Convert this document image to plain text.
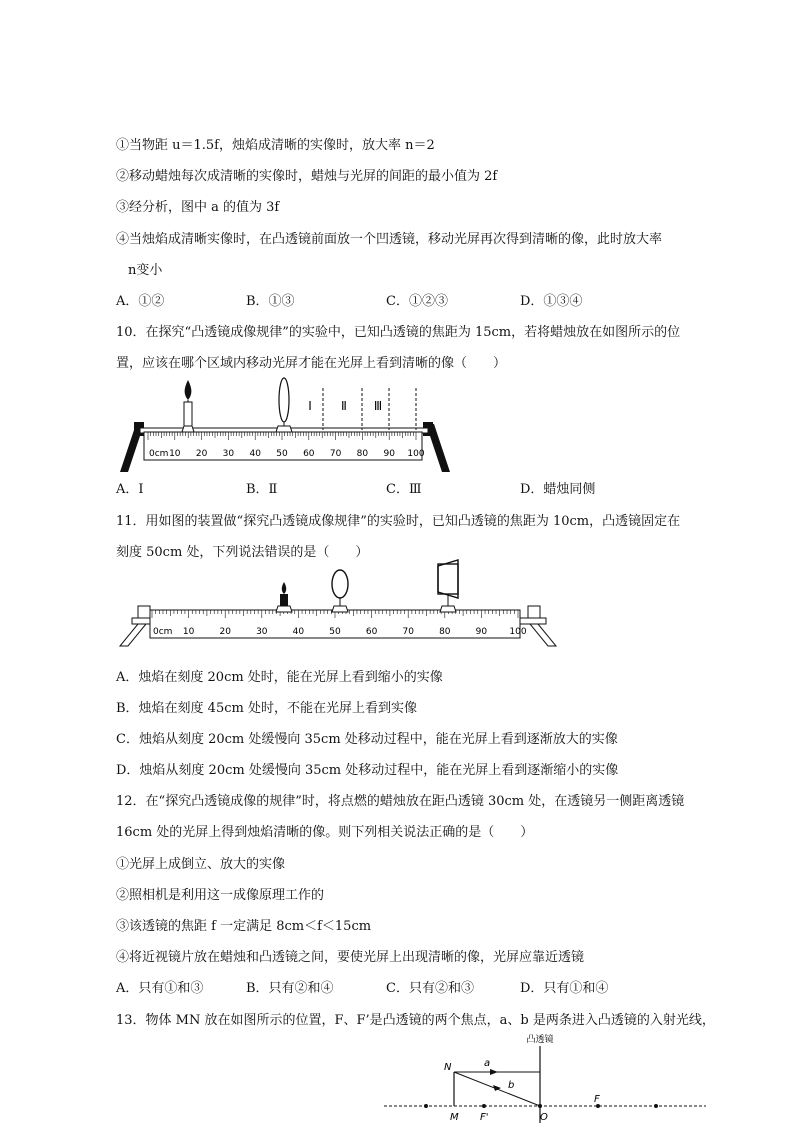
①当物距 u＝1.5f，烛焰成清晰的实像时，放大率 n＝2
②移动蜡烛每次成清晰的实像时，蜡烛与光屏的间距的最小值为 2f
③经分析，图中 a 的值为 3f
④当烛焰成清晰实像时，在凸透镜前面放一个凹透镜，移动光屏再次得到清晰的像，此时放大率
n变小
A．①②	B．①③	C．①②③	D．①③④
10．在探究“凸透镜成像规律”的实验中，已知凸透镜的焦距为 15cm，若将蜡烛放在如图所示的位
置，应该在哪个区域内移动光屏才能在光屏上看到清晰的像（　　）
0cm 10 20 30 40 50 60 70 80 90 100
Ⅰ Ⅱ Ⅲ
A．Ⅰ	B．Ⅱ	C．Ⅲ	D．蜡烛同侧
11．用如图的装置做“探究凸透镜成像规律”的实验时，已知凸透镜的焦距为 10cm，凸透镜固定在
刻度 50cm 处，下列说法错误的是（　　）
0cm 10	20	30	40	50	60	70	80	90 100
A．烛焰在刻度 20cm 处时，能在光屏上看到缩小的实像
B．烛焰在刻度 45cm 处时，不能在光屏上看到实像
C．烛焰从刻度 20cm 处缓慢向 35cm 处移动过程中，能在光屏上看到逐渐放大的实像
D．烛焰从刻度 20cm 处缓慢向 35cm 处移动过程中，能在光屏上看到逐渐缩小的实像
12．在“探究凸透镜成像的规律”时，将点燃的蜡烛放在距凸透镜 30cm 处，在透镜另一侧距离透镜
16cm 处的光屏上得到烛焰清晰的像。则下列相关说法正确的是（　　）
①光屏上成倒立、放大的实像
②照相机是利用这一成像原理工作的
③该透镜的焦距 f 一定满足 8cm＜f＜15cm
④将近视镜片放在蜡烛和凸透镜之间，要使光屏上出现清晰的像，光屏应靠近透镜
A．只有①和③	B．只有②和④	C．只有②和③	D．只有①和④
13．物体 MN 放在如图所示的位置，F、F’是凸透镜的两个焦点，a、b 是两条进入凸透镜的入射光线，
凸透镜
N
M
a
b
O
F
F'
